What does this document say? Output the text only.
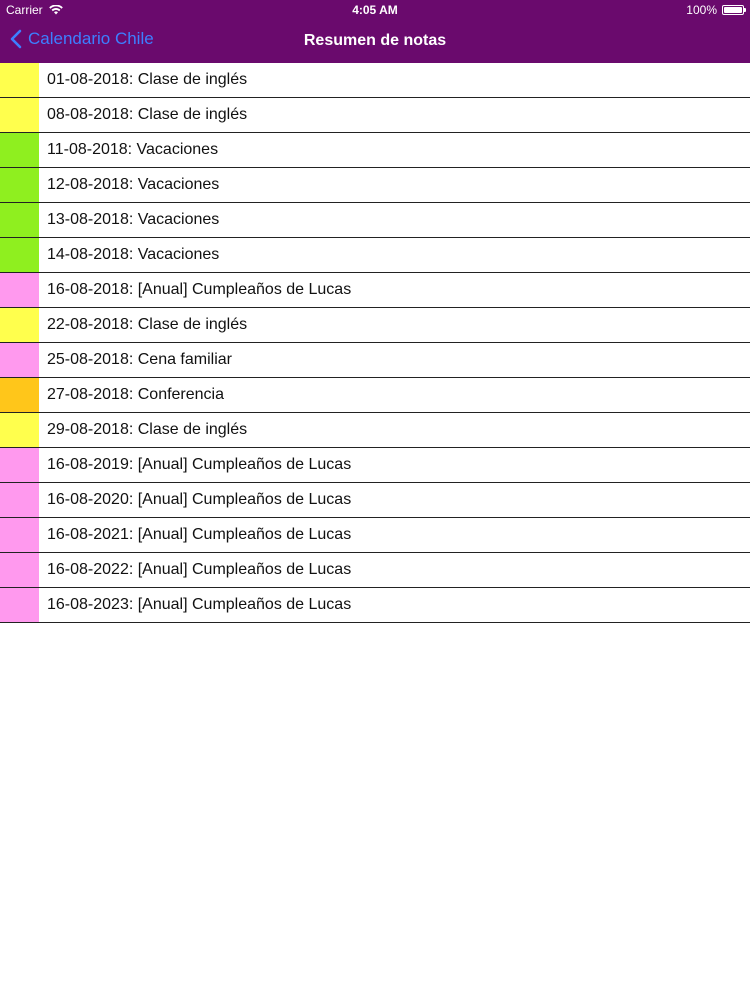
Carrier	4:05 AM	100%
Calendario Chile	Resumen de notas
01-08-2018: Clase de inglés
08-08-2018: Clase de inglés
11-08-2018: Vacaciones
12-08-2018: Vacaciones
13-08-2018: Vacaciones
14-08-2018: Vacaciones
16-08-2018: [Anual] Cumpleaños de Lucas
22-08-2018: Clase de inglés
25-08-2018: Cena familiar
27-08-2018: Conferencia
29-08-2018: Clase de inglés
16-08-2019: [Anual] Cumpleaños de Lucas
16-08-2020: [Anual] Cumpleaños de Lucas
16-08-2021: [Anual] Cumpleaños de Lucas
16-08-2022: [Anual] Cumpleaños de Lucas
16-08-2023: [Anual] Cumpleaños de Lucas
